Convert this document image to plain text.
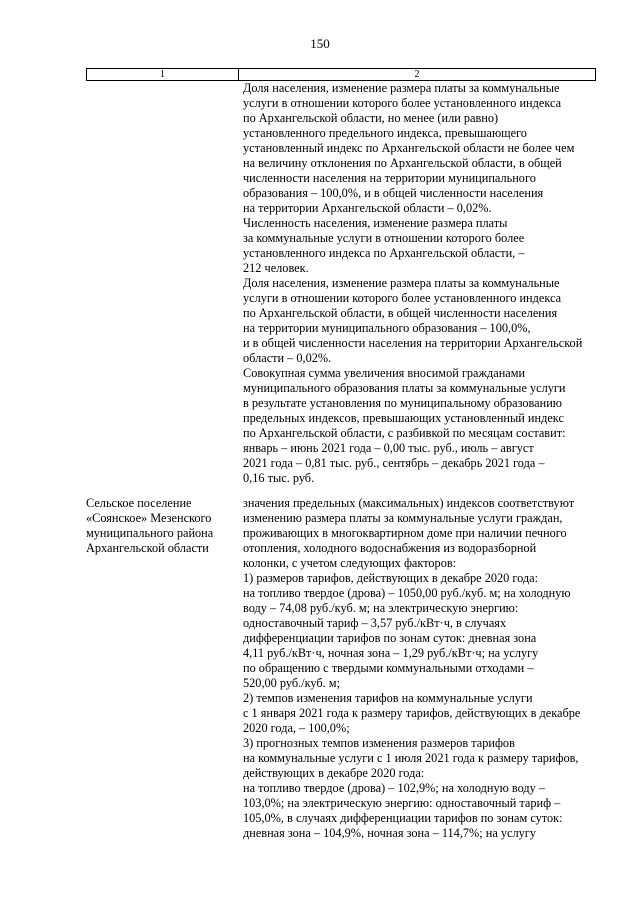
150
1	2
Доля населения, изменение размера платы за коммунальные
услуги в отношении которого более установленного индекса
по Архангельской области, но менее (или равно)
установленного предельного индекса, превышающего
установленный индекс по Архангельской области не более чем
на величину отклонения по Архангельской области, в общей
численности населения на территории муниципального
образования – 100,0%, и в общей численности населения
на территории Архангельской области – 0,02%.
Численность населения, изменение размера платы
за коммунальные услуги в отношении которого более
установленного индекса по Архангельской области, –
212 человек.
Доля населения, изменение размера платы за коммунальные
услуги в отношении которого более установленного индекса
по Архангельской области, в общей численности населения
на территории муниципального образования – 100,0%,
и в общей численности населения на территории Архангельской
области – 0,02%.
Совокупная сумма увеличения вносимой гражданами
муниципального образования платы за коммунальные услуги
в результате установления по муниципальному образованию
предельных индексов, превышающих установленный индекс
по Архангельской области, с разбивкой по месяцам составит:
январь – июнь 2021 года – 0,00 тыс. руб., июль – август
2021 года – 0,81 тыс. руб., сентябрь – декабрь 2021 года –
0,16 тыс. руб.
Сельское поселение
«Соянское» Мезенского
муниципального района
Архангельской области
значения предельных (максимальных) индексов соответствуют
изменению размера платы за коммунальные услуги граждан,
проживающих в многоквартирном доме при наличии печного
отопления, холодного водоснабжения из водоразборной
колонки, с учетом следующих факторов:
1) размеров тарифов, действующих в декабре 2020 года:
на топливо твердое (дрова) – 1050,00 руб./куб. м; на холодную
воду – 74,08 руб./куб. м; на электрическую энергию:
одноставочный тариф – 3,57 руб./кВт·ч, в случаях
дифференциации тарифов по зонам суток: дневная зона
4,11 руб./кВт·ч, ночная зона – 1,29 руб./кВт·ч; на услугу
по обращению с твердыми коммунальными отходами –
520,00 руб./куб. м;
2) темпов изменения тарифов на коммунальные услуги
с 1 января 2021 года к размеру тарифов, действующих в декабре
2020 года, – 100,0%;
3) прогнозных темпов изменения размеров тарифов
на коммунальные услуги с 1 июля 2021 года к размеру тарифов,
действующих в декабре 2020 года:
на топливо твердое (дрова) – 102,9%; на холодную воду –
103,0%; на электрическую энергию: одноставочный тариф –
105,0%, в случаях дифференциации тарифов по зонам суток:
дневная зона – 104,9%, ночная зона – 114,7%; на услугу
